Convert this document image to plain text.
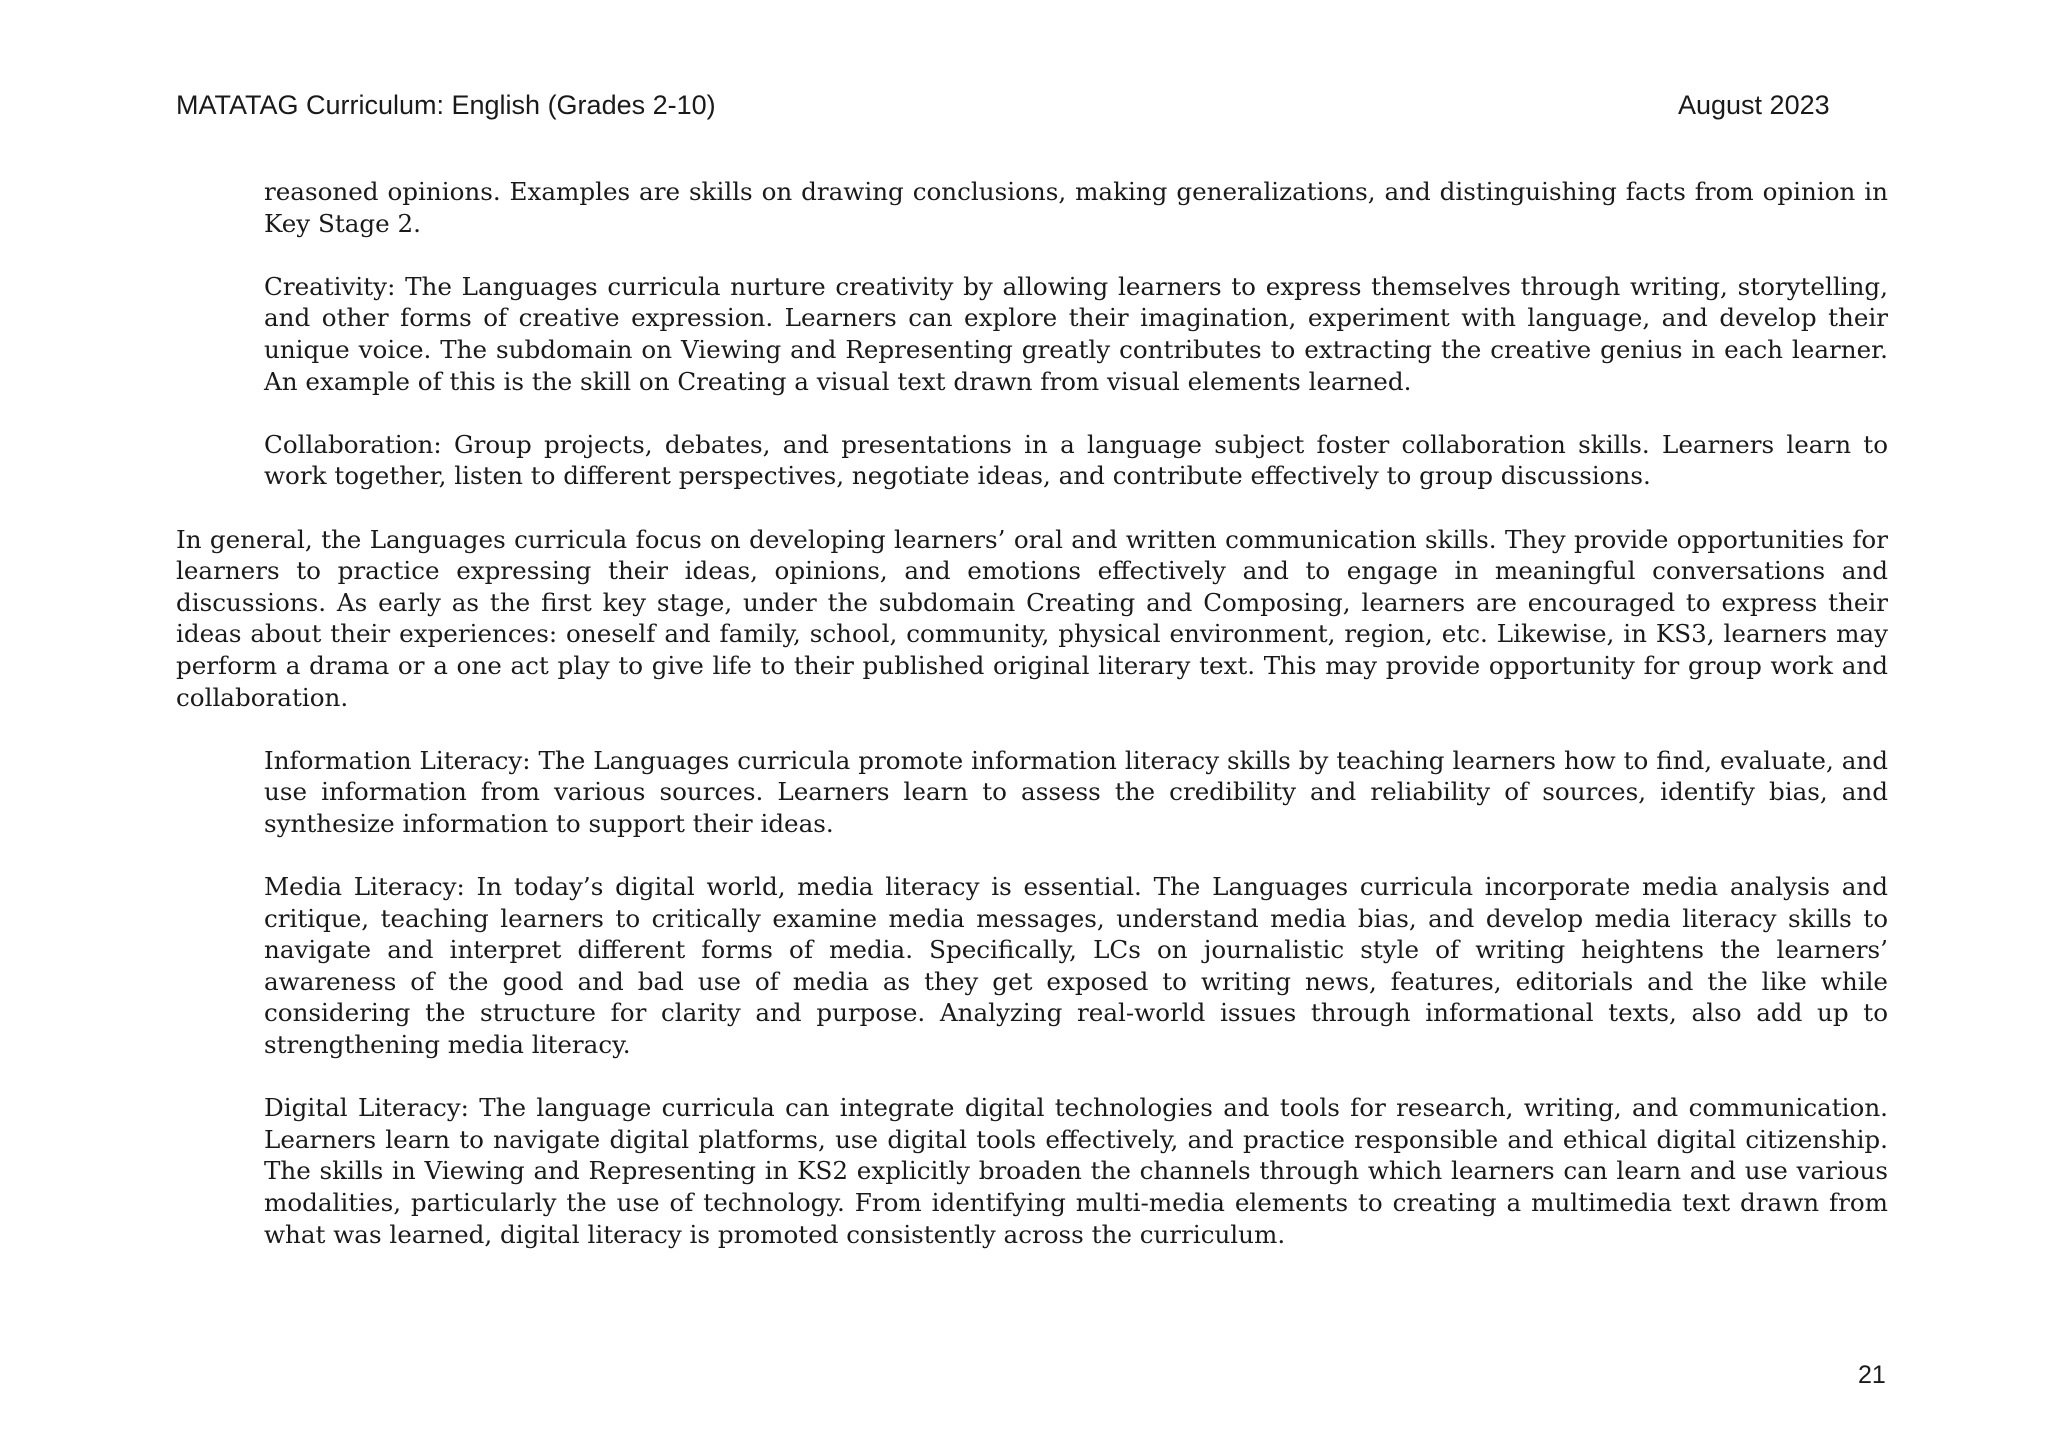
MATATAG Curriculum: English (Grades 2-10)	August 2023

reasoned opinions. Examples are skills on drawing conclusions, making generalizations, and distinguishing facts from opinion in Key Stage 2.

Creativity: The Languages curricula nurture creativity by allowing learners to express themselves through writing, storytelling, and other forms of creative expression. Learners can explore their imagination, experiment with language, and develop their unique voice. The subdomain on Viewing and Representing greatly contributes to extracting the creative genius in each learner. An example of this is the skill on Creating a visual text drawn from visual elements learned.

Collaboration: Group projects, debates, and presentations in a language subject foster collaboration skills. Learners learn to work together, listen to different perspectives, negotiate ideas, and contribute effectively to group discussions.

In general, the Languages curricula focus on developing learners’ oral and written communication skills. They provide opportunities for learners to practice expressing their ideas, opinions, and emotions effectively and to engage in meaningful conversations and discussions. As early as the first key stage, under the subdomain Creating and Composing, learners are encouraged to express their ideas about their experiences: oneself and family, school, community, physical environment, region, etc. Likewise, in KS3, learners may perform a drama or a one act play to give life to their published original literary text. This may provide opportunity for group work and collaboration.

Information Literacy: The Languages curricula promote information literacy skills by teaching learners how to find, evaluate, and use information from various sources. Learners learn to assess the credibility and reliability of sources, identify bias, and synthesize information to support their ideas.

Media Literacy: In today’s digital world, media literacy is essential. The Languages curricula incorporate media analysis and critique, teaching learners to critically examine media messages, understand media bias, and develop media literacy skills to navigate and interpret different forms of media. Specifically, LCs on journalistic style of writing heightens the learners’ awareness of the good and bad use of media as they get exposed to writing news, features, editorials and the like while considering the structure for clarity and purpose. Analyzing real-world issues through informational texts, also add up to strengthening media literacy.

Digital Literacy: The language curricula can integrate digital technologies and tools for research, writing, and communication. Learners learn to navigate digital platforms, use digital tools effectively, and practice responsible and ethical digital citizenship. The skills in Viewing and Representing in KS2 explicitly broaden the channels through which learners can learn and use various modalities, particularly the use of technology. From identifying multi-media elements to creating a multimedia text drawn from what was learned, digital literacy is promoted consistently across the curriculum.

21
